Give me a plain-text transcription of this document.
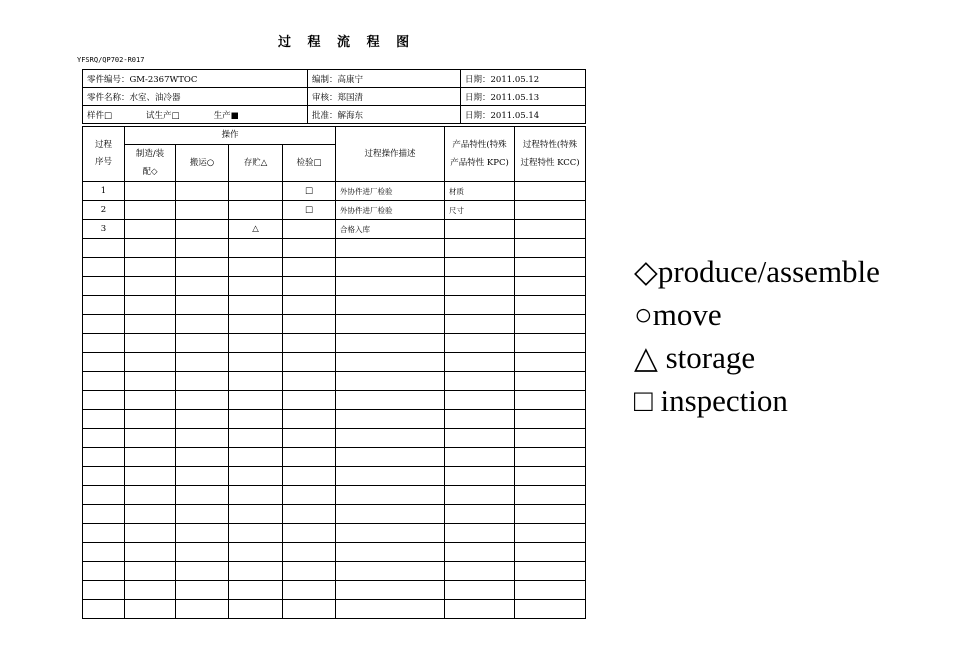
过 程 流 程 图
YFSRQ/QP702-R017
零件编号：GM-2367WTOC	编制：高康宁	日期：2011.05.12
零件名称：水室、油冷器	审核：郑国清	日期：2011.05.13
样件□　　　　试生产□　　　　生产■	批准：解海东	日期：2011.05.14
过程序号	操作				过程操作描述	产品特性(特殊产品特性 KPC)	过程特性(特殊过程特性 KCC)
	制造/装配◇	搬运○	存贮△	检验□			
1				□	外协件进厂检验	材质	
2				□	外协件进厂检验	尺寸	
3			△		合格入库		

◇produce/assemble
○move
△ storage
□ inspection
